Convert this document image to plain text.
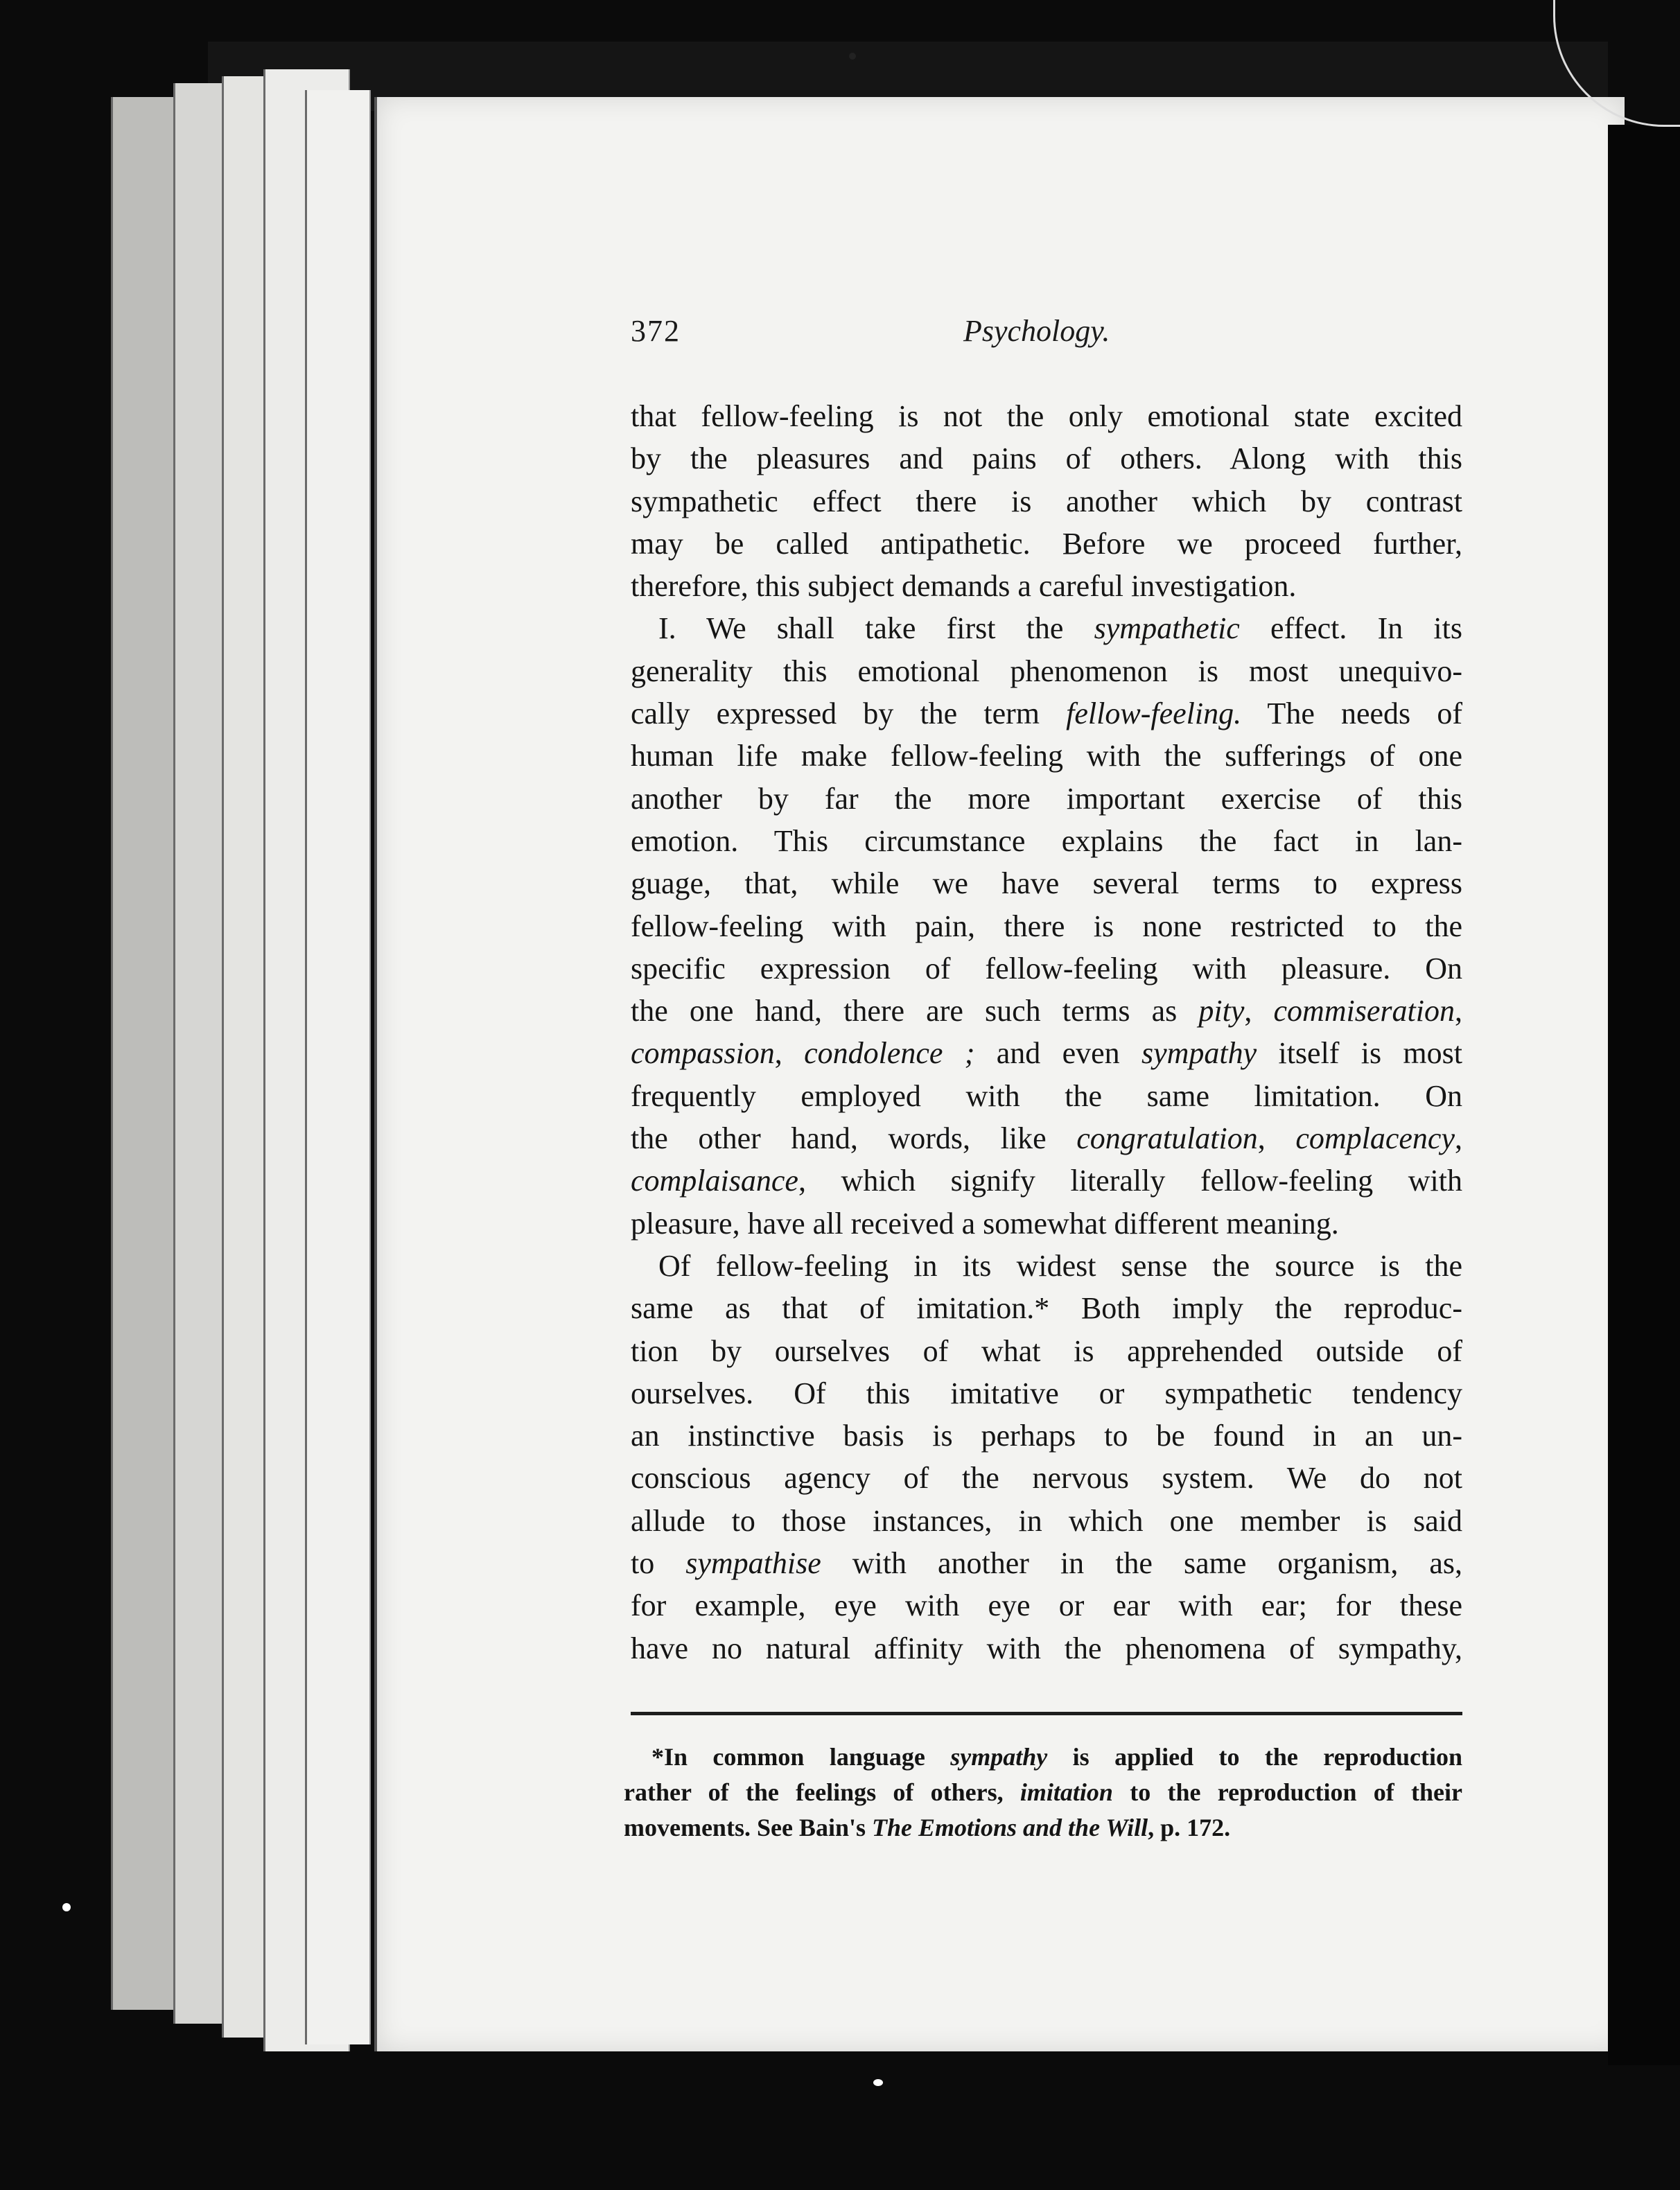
372	Psychology.
that fellow-feeling is not the only emotional state excited
by the pleasures and pains of others. Along with this
sympathetic effect there is another which by contrast
may be called antipathetic. Before we proceed further,
therefore, this subject demands a careful investigation.
I. We shall take first the sympathetic effect. In its
generality this emotional phenomenon is most unequivo-
cally expressed by the term fellow-feeling. The needs of
human life make fellow-feeling with the sufferings of one
another by far the more important exercise of this
emotion. This circumstance explains the fact in lan-
guage, that, while we have several terms to express
fellow-feeling with pain, there is none restricted to the
specific expression of fellow-feeling with pleasure. On
the one hand, there are such terms as pity, commiseration,
compassion, condolence ; and even sympathy itself is most
frequently employed with the same limitation. On
the other hand, words, like congratulation, complacency,
complaisance, which signify literally fellow-feeling with
pleasure, have all received a somewhat different meaning.
Of fellow-feeling in its widest sense the source is the
same as that of imitation.* Both imply the reproduc-
tion by ourselves of what is apprehended outside of
ourselves. Of this imitative or sympathetic tendency
an instinctive basis is perhaps to be found in an un-
conscious agency of the nervous system. We do not
allude to those instances, in which one member is said
to sympathise with another in the same organism, as,
for example, eye with eye or ear with ear; for these
have no natural affinity with the phenomena of sympathy,
*In common language sympathy is applied to the reproduction
rather of the feelings of others, imitation to the reproduction of their
movements. See Bain's The Emotions and the Will, p. 172.
